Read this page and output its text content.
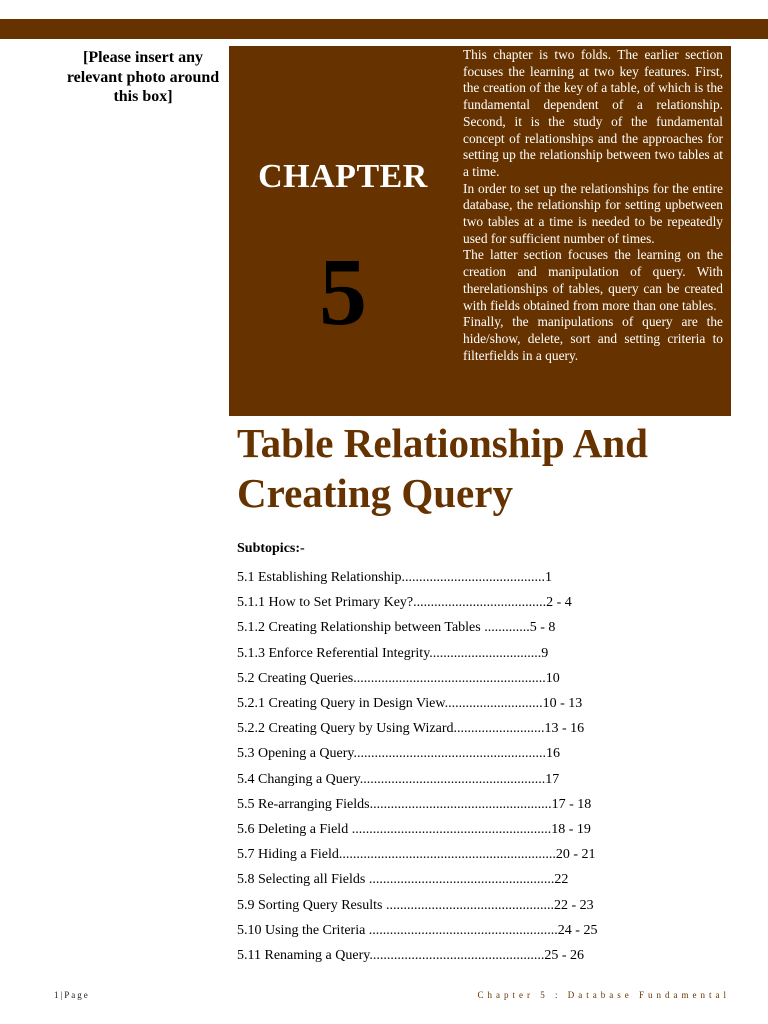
[Please insert any relevant photo around this box]
CHAPTER
5

This chapter is two folds. The earlier section focuses the learning at two key features. First, the creation of the key of a table, of which is the fundamental dependent of a relationship. Second, it is the study of the fundamental concept of relationships and the approaches for setting up the relationship between two tables at a time.

In order to set up the relationships for the entire database, the relationship for setting upbetween two tables at a time is needed to be repeatedly used for sufficient number of times.

The latter section focuses the learning on the creation and manipulation of query. With therelationships of tables, query can be created with fields obtained from more than one tables.

Finally, the manipulations of query are the hide/show, delete, sort and setting criteria to filterfields in a query.

Table Relationship And Creating Query
Subtopics:-
5.1 Establishing Relationship.........................................1
5.1.1 How to Set Primary Key?......................................2 - 4
5.1.2 Creating Relationship between Tables .............5 - 8
5.1.3 Enforce Referential Integrity................................9
5.2 Creating Queries.......................................................10
5.2.1 Creating Query in Design View............................10 - 13
5.2.2 Creating Query by Using Wizard..........................13 - 16
5.3 Opening a Query.......................................................16
5.4 Changing a Query.....................................................17
5.5 Re-arranging Fields....................................................17 - 18
5.6 Deleting a Field .........................................................18 - 19
5.7 Hiding a Field..............................................................20 - 21
5.8 Selecting all Fields .....................................................22
5.9 Sorting Query Results ................................................22 - 23
5.10 Using the Criteria ......................................................24 - 25
5.11 Renaming a Query..................................................25 - 26
1|Page	Chapter 5 : Database Fundamental
